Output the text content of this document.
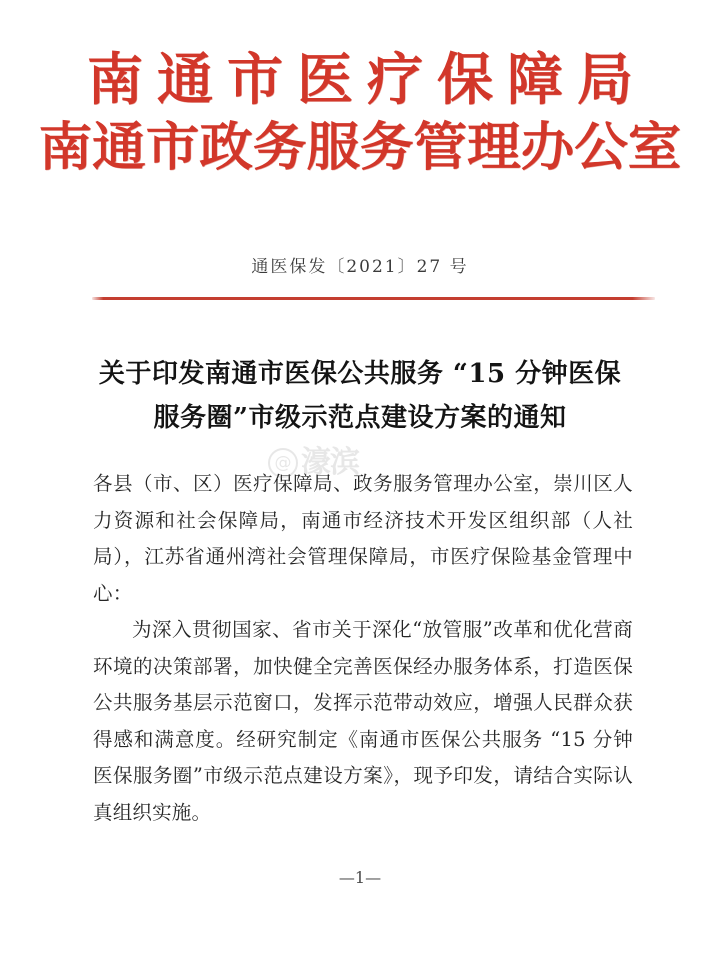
南通市医疗保障局
南通市政务服务管理办公室
通医保发〔2021〕27 号
关于印发南通市医保公共服务 “15 分钟医保
服务圈”市级示范点建设方案的通知

各县（市、区）医疗保障局、政务服务管理办公室，崇川区人力资源和社会保障局，南通市经济技术开发区组织部（人社局），江苏省通州湾社会管理保障局，市医疗保险基金管理中心：

为深入贯彻国家、省市关于深化“放管服”改革和优化营商环境的决策部署，加快健全完善医保经办服务体系，打造医保公共服务基层示范窗口，发挥示范带动效应，增强人民群众获得感和满意度。经研究制定《南通市医保公共服务 “15 分钟医保服务圈”市级示范点建设方案》，现予印发，请结合实际认真组织实施。

@ 濠滨
—1—
